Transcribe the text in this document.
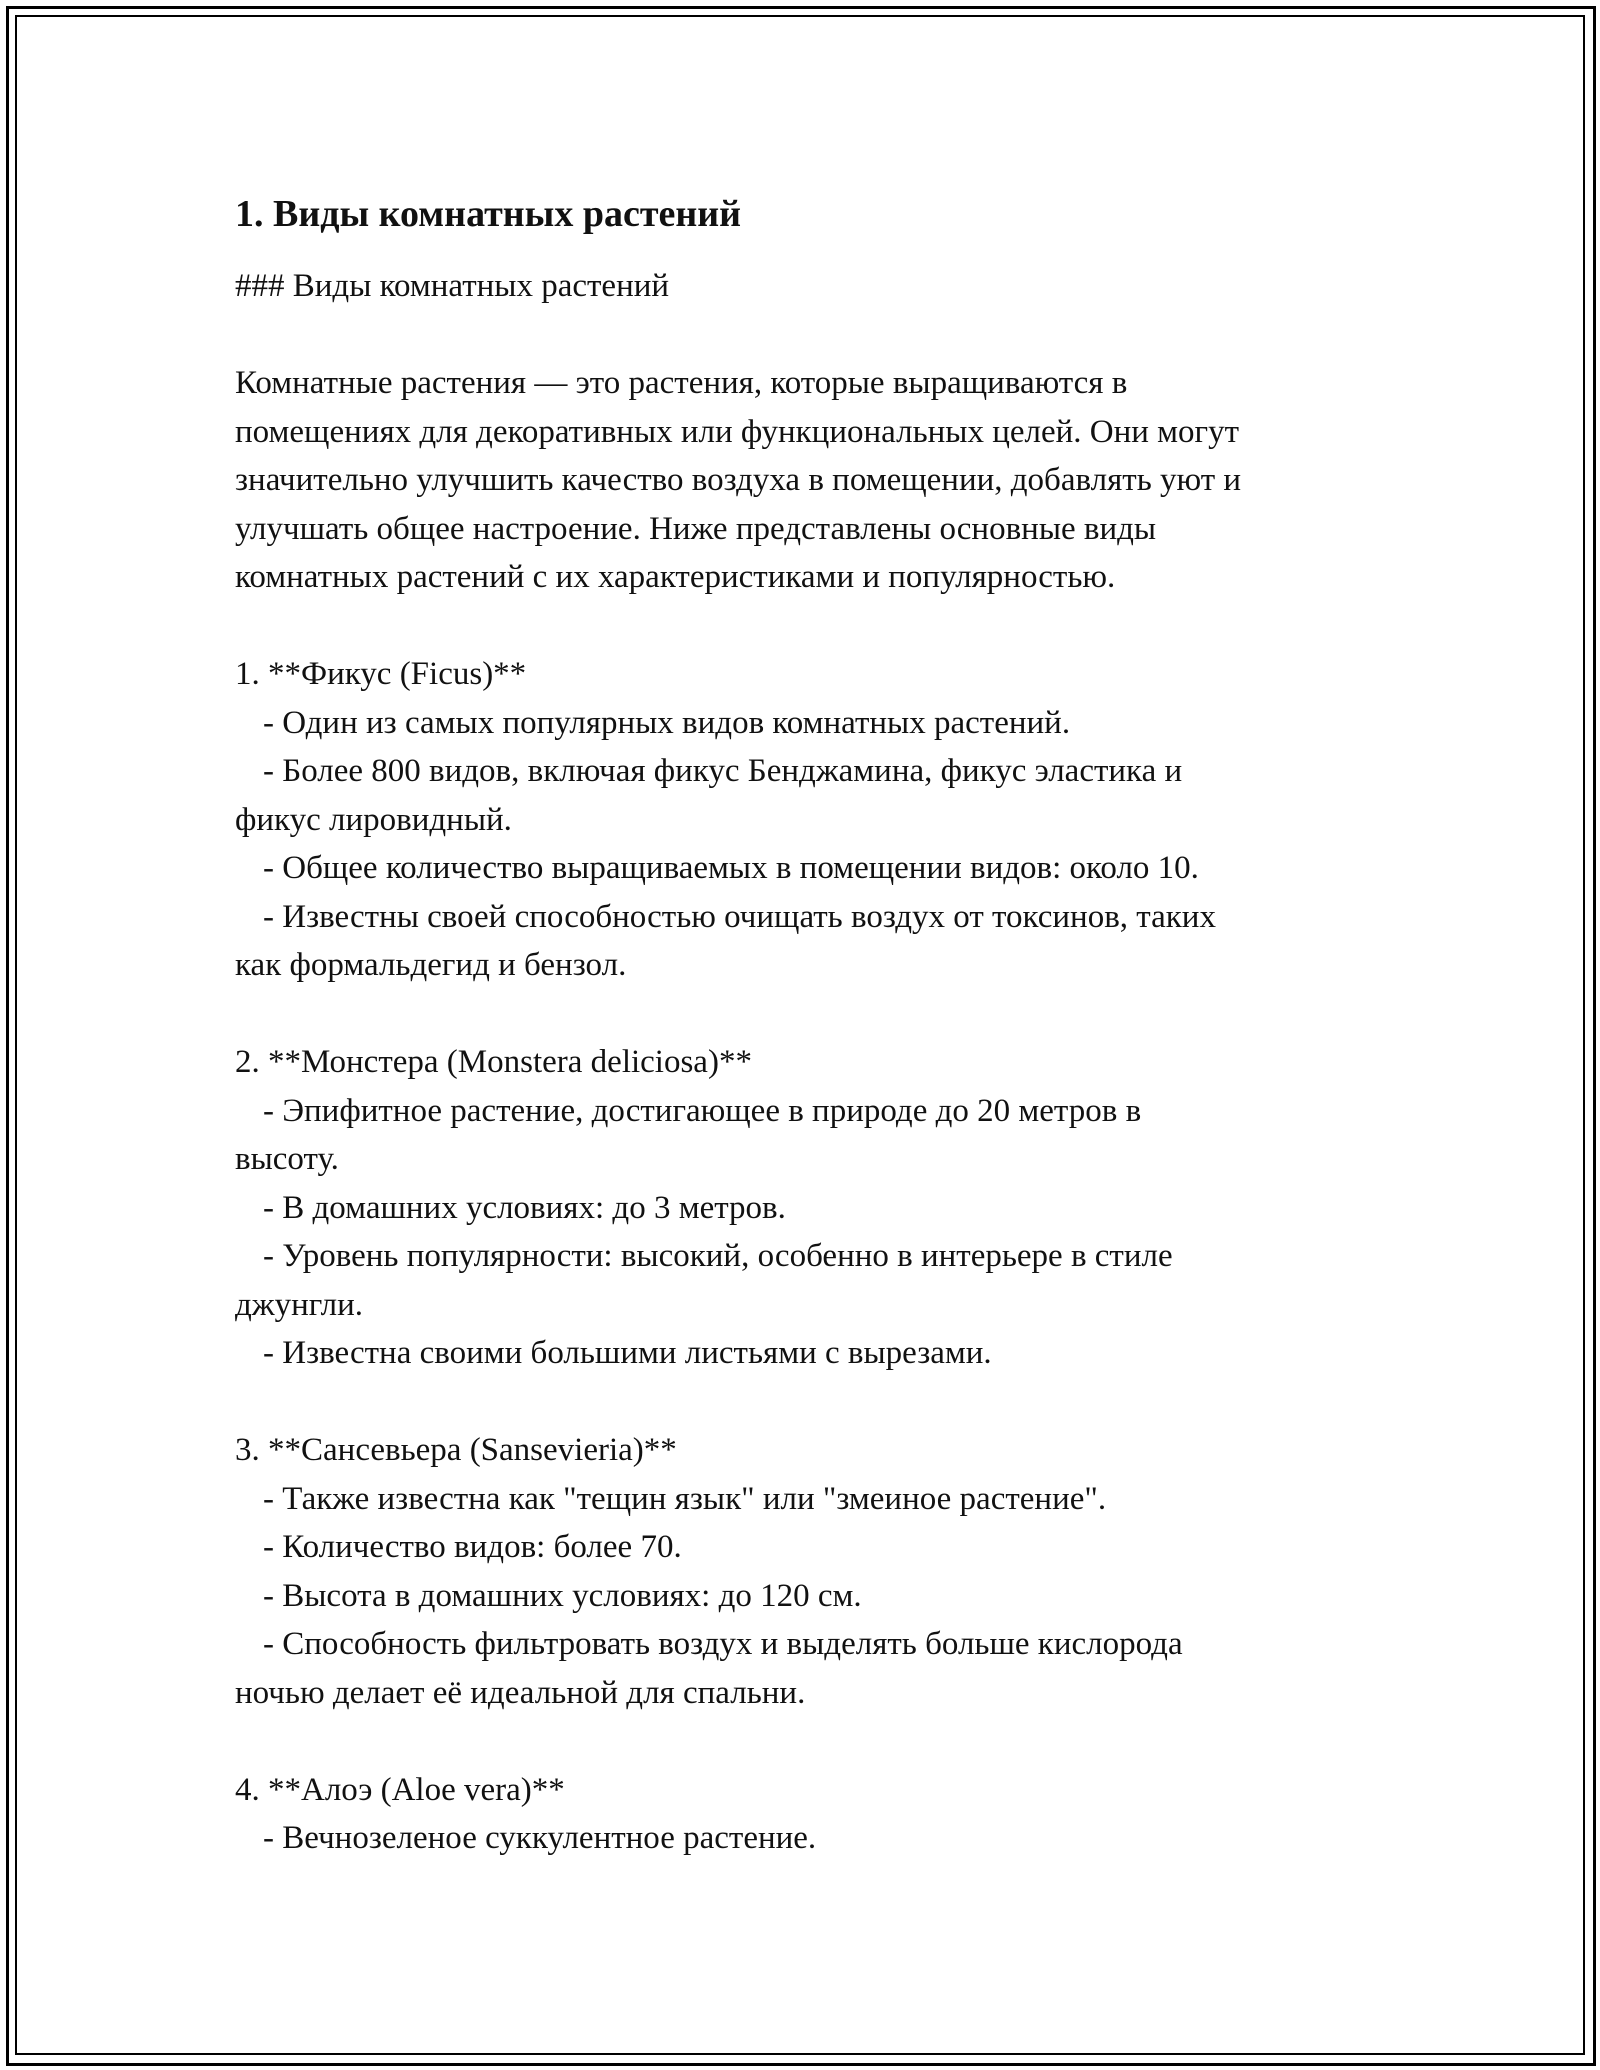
1. Виды комнатных растений

### Виды комнатных растений

Комнатные растения — это растения, которые выращиваются в

помещениях для декоративных или функциональных целей. Они могут

значительно улучшить качество воздуха в помещении, добавлять уют и

улучшать общее настроение. Ниже представлены основные виды

комнатных растений с их характеристиками и популярностью.

1. **Фикус (Ficus)**

- Один из самых популярных видов комнатных растений.

- Более 800 видов, включая фикус Бенджамина, фикус эластика и

фикус лировидный.

- Общее количество выращиваемых в помещении видов: около 10.

- Известны своей способностью очищать воздух от токсинов, таких

как формальдегид и бензол.

2. **Монстера (Monstera deliciosa)**

- Эпифитное растение, достигающее в природе до 20 метров в

высоту.

- В домашних условиях: до 3 метров.

- Уровень популярности: высокий, особенно в интерьере в стиле

джунгли.

- Известна своими большими листьями с вырезами.

3. **Сансевьера (Sansevieria)**

- Также известна как "тещин язык" или "змеиное растение".

- Количество видов: более 70.

- Высота в домашних условиях: до 120 см.

- Способность фильтровать воздух и выделять больше кислорода

ночью делает её идеальной для спальни.

4. **Алоэ (Aloe vera)**

- Вечнозеленое суккулентное растение.
